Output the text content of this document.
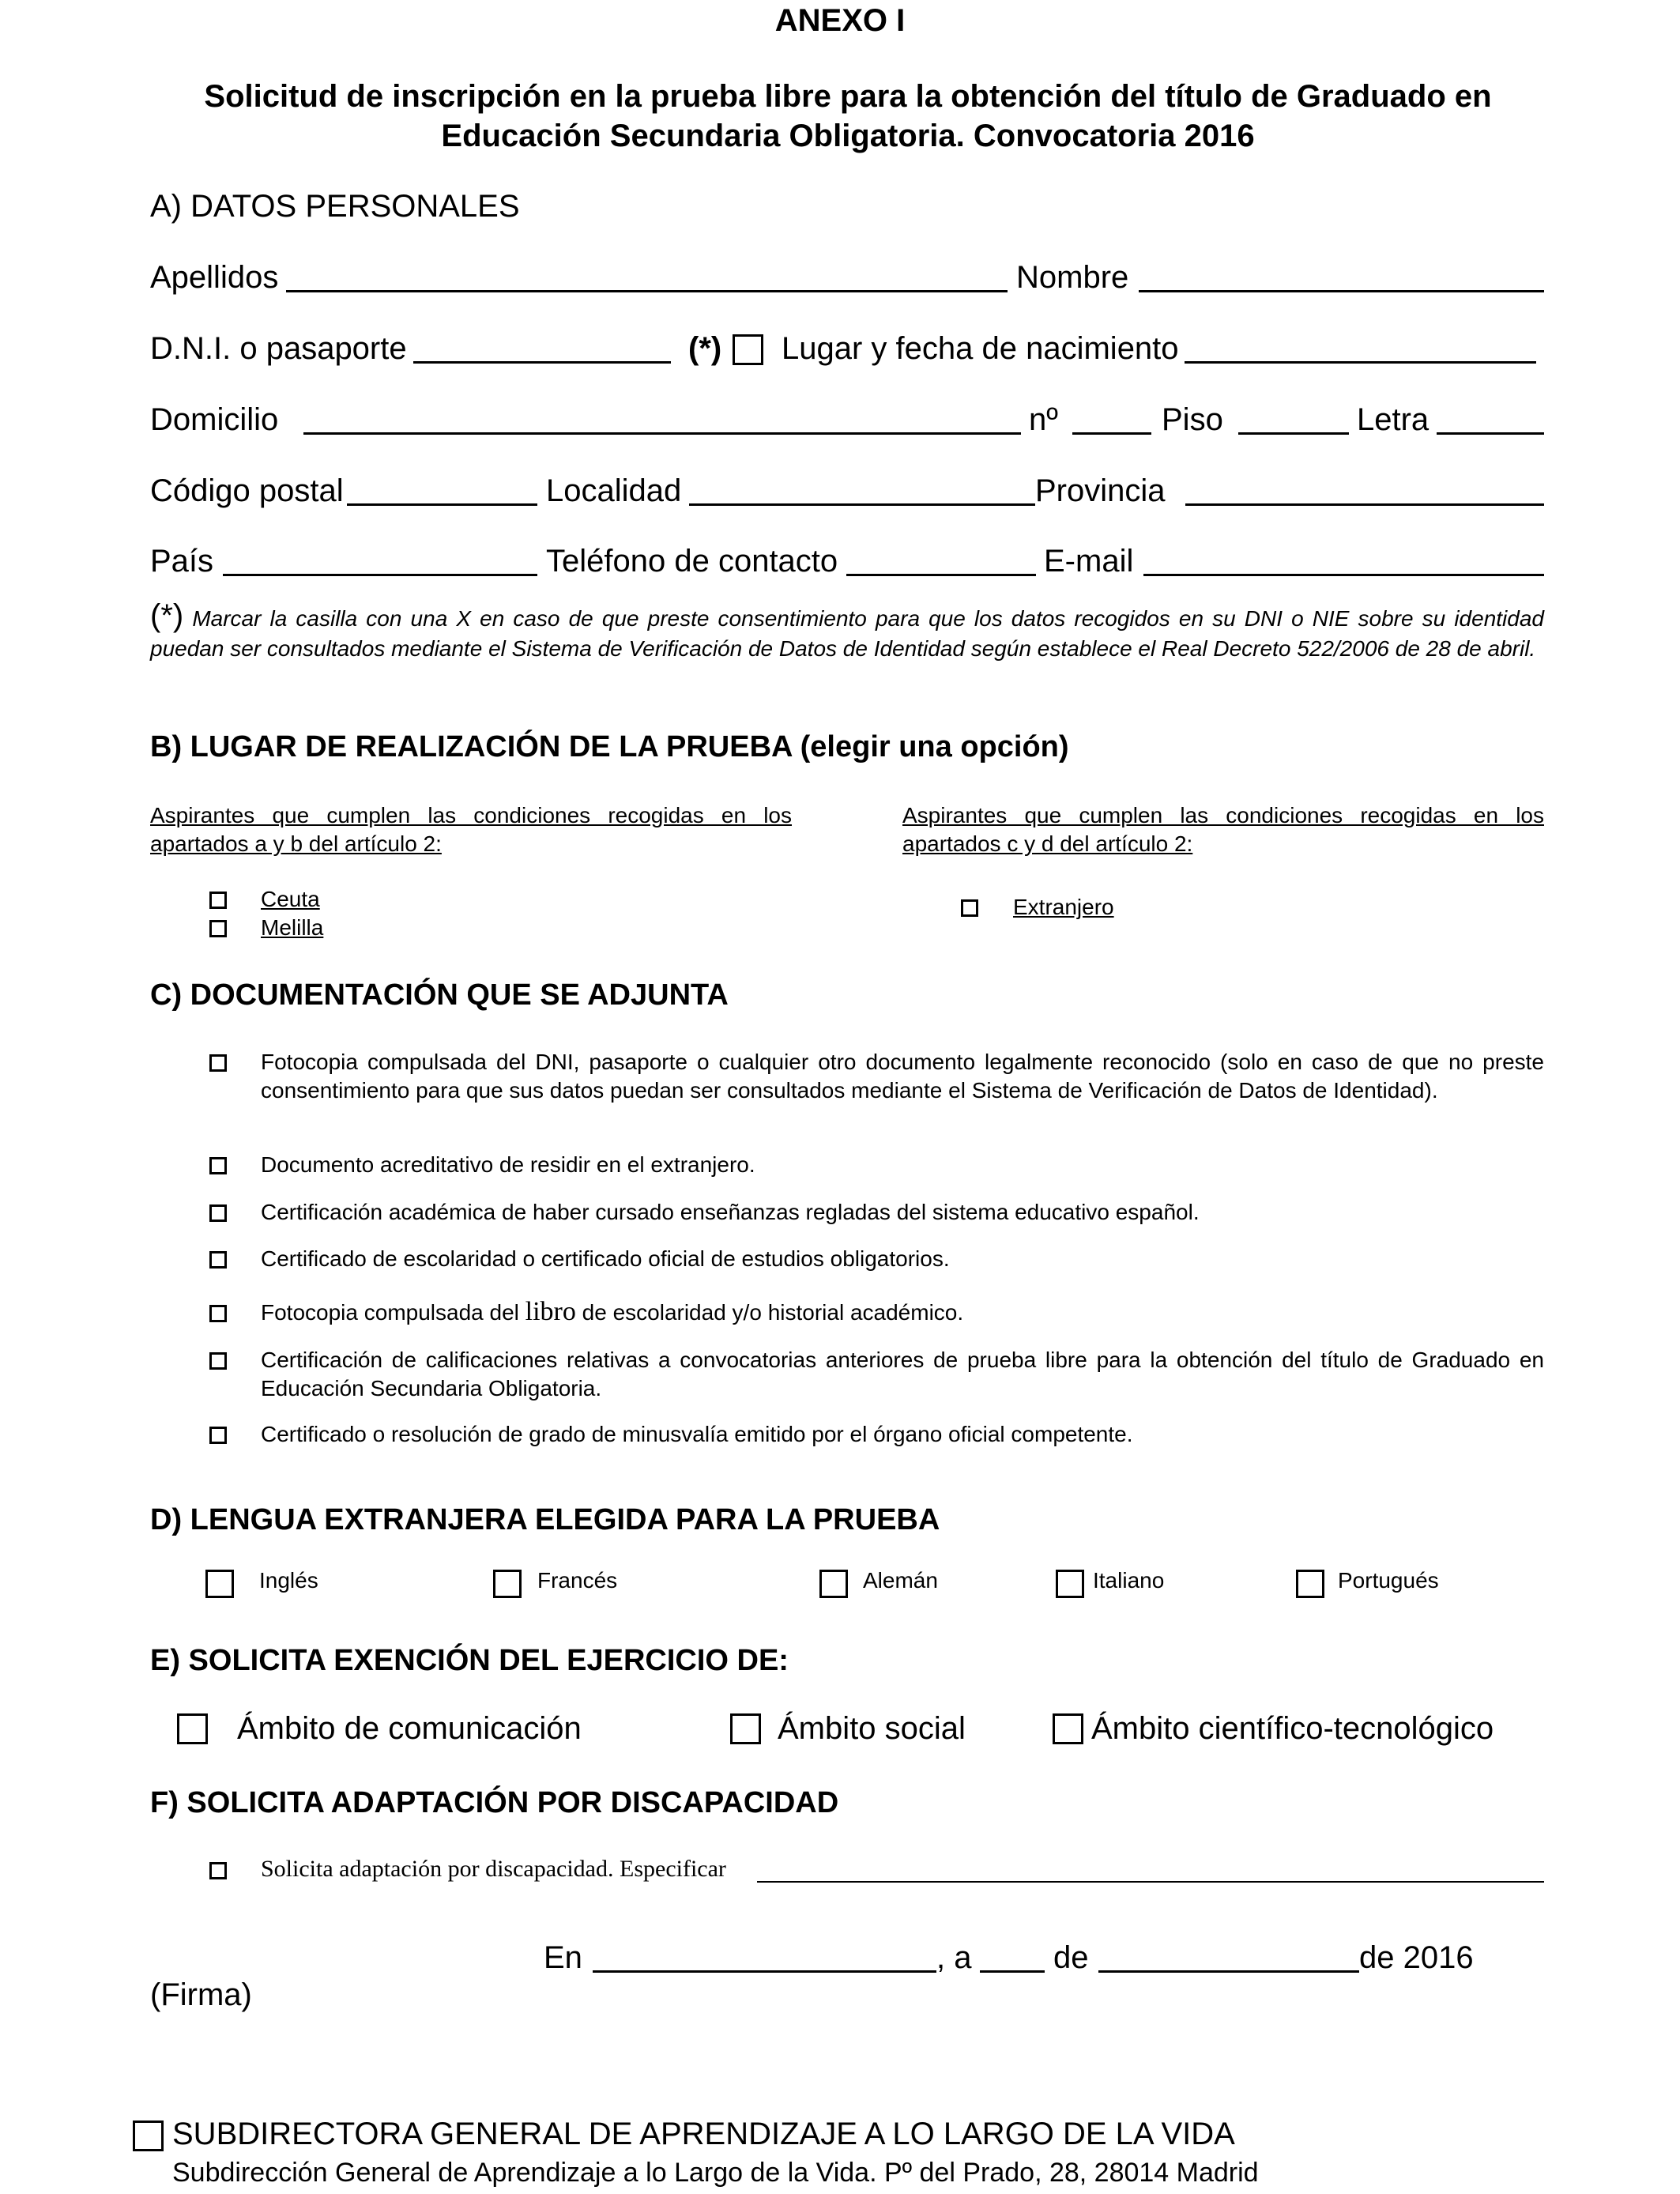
ANEXO I
Solicitud de inscripción en la prueba libre para la obtención del título de Graduado en
Educación Secundaria Obligatoria. Convocatoria 2016
A) DATOS PERSONALES
Apellidos	Nombre
D.N.I. o pasaporte	(*) Lugar y fecha de nacimiento
Domicilio	nº	Piso	Letra
Código postal	Localidad	Provincia
País	Teléfono de contacto	E-mail
(*) Marcar la casilla con una X en caso de que preste consentimiento para que los datos recogidos en su DNI o NIE sobre su identidad puedan ser consultados mediante el Sistema de Verificación de Datos de Identidad según establece el Real Decreto 522/2006 de 28 de abril.
B) LUGAR DE REALIZACIÓN DE LA PRUEBA (elegir una opción)
Aspirantes que cumplen las condiciones recogidas en los apartados a y b del artículo 2:
Aspirantes que cumplen las condiciones recogidas en los apartados c y d del artículo 2:
Ceuta
Melilla
Extranjero
C) DOCUMENTACIÓN QUE SE ADJUNTA
Fotocopia compulsada del DNI, pasaporte o cualquier otro documento legalmente reconocido (solo en caso de que no preste consentimiento para que sus datos puedan ser consultados mediante el Sistema de Verificación de Datos de Identidad).
Documento acreditativo de residir en el extranjero.
Certificación académica de haber cursado enseñanzas regladas del sistema educativo español.
Certificado de escolaridad o certificado oficial de estudios obligatorios.
Fotocopia compulsada del libro de escolaridad y/o historial académico.
Certificación de calificaciones relativas a convocatorias anteriores de prueba libre para la obtención del título de Graduado en Educación Secundaria Obligatoria.
Certificado o resolución de grado de minusvalía emitido por el órgano oficial competente.
D) LENGUA EXTRANJERA ELEGIDA PARA LA PRUEBA
Inglés	Francés	Alemán	Italiano	Portugués
E) SOLICITA EXENCIÓN DEL EJERCICIO DE:
Ámbito de comunicación	Ámbito social	Ámbito científico-tecnológico
F) SOLICITA ADAPTACIÓN POR DISCAPACIDAD
Solicita adaptación por discapacidad. Especificar
En	, a	de	de 2016
(Firma)
SUBDIRECTORA GENERAL DE APRENDIZAJE A LO LARGO DE LA VIDA
Subdirección General de Aprendizaje a lo Largo de la Vida. Pº del Prado, 28, 28014 Madrid
